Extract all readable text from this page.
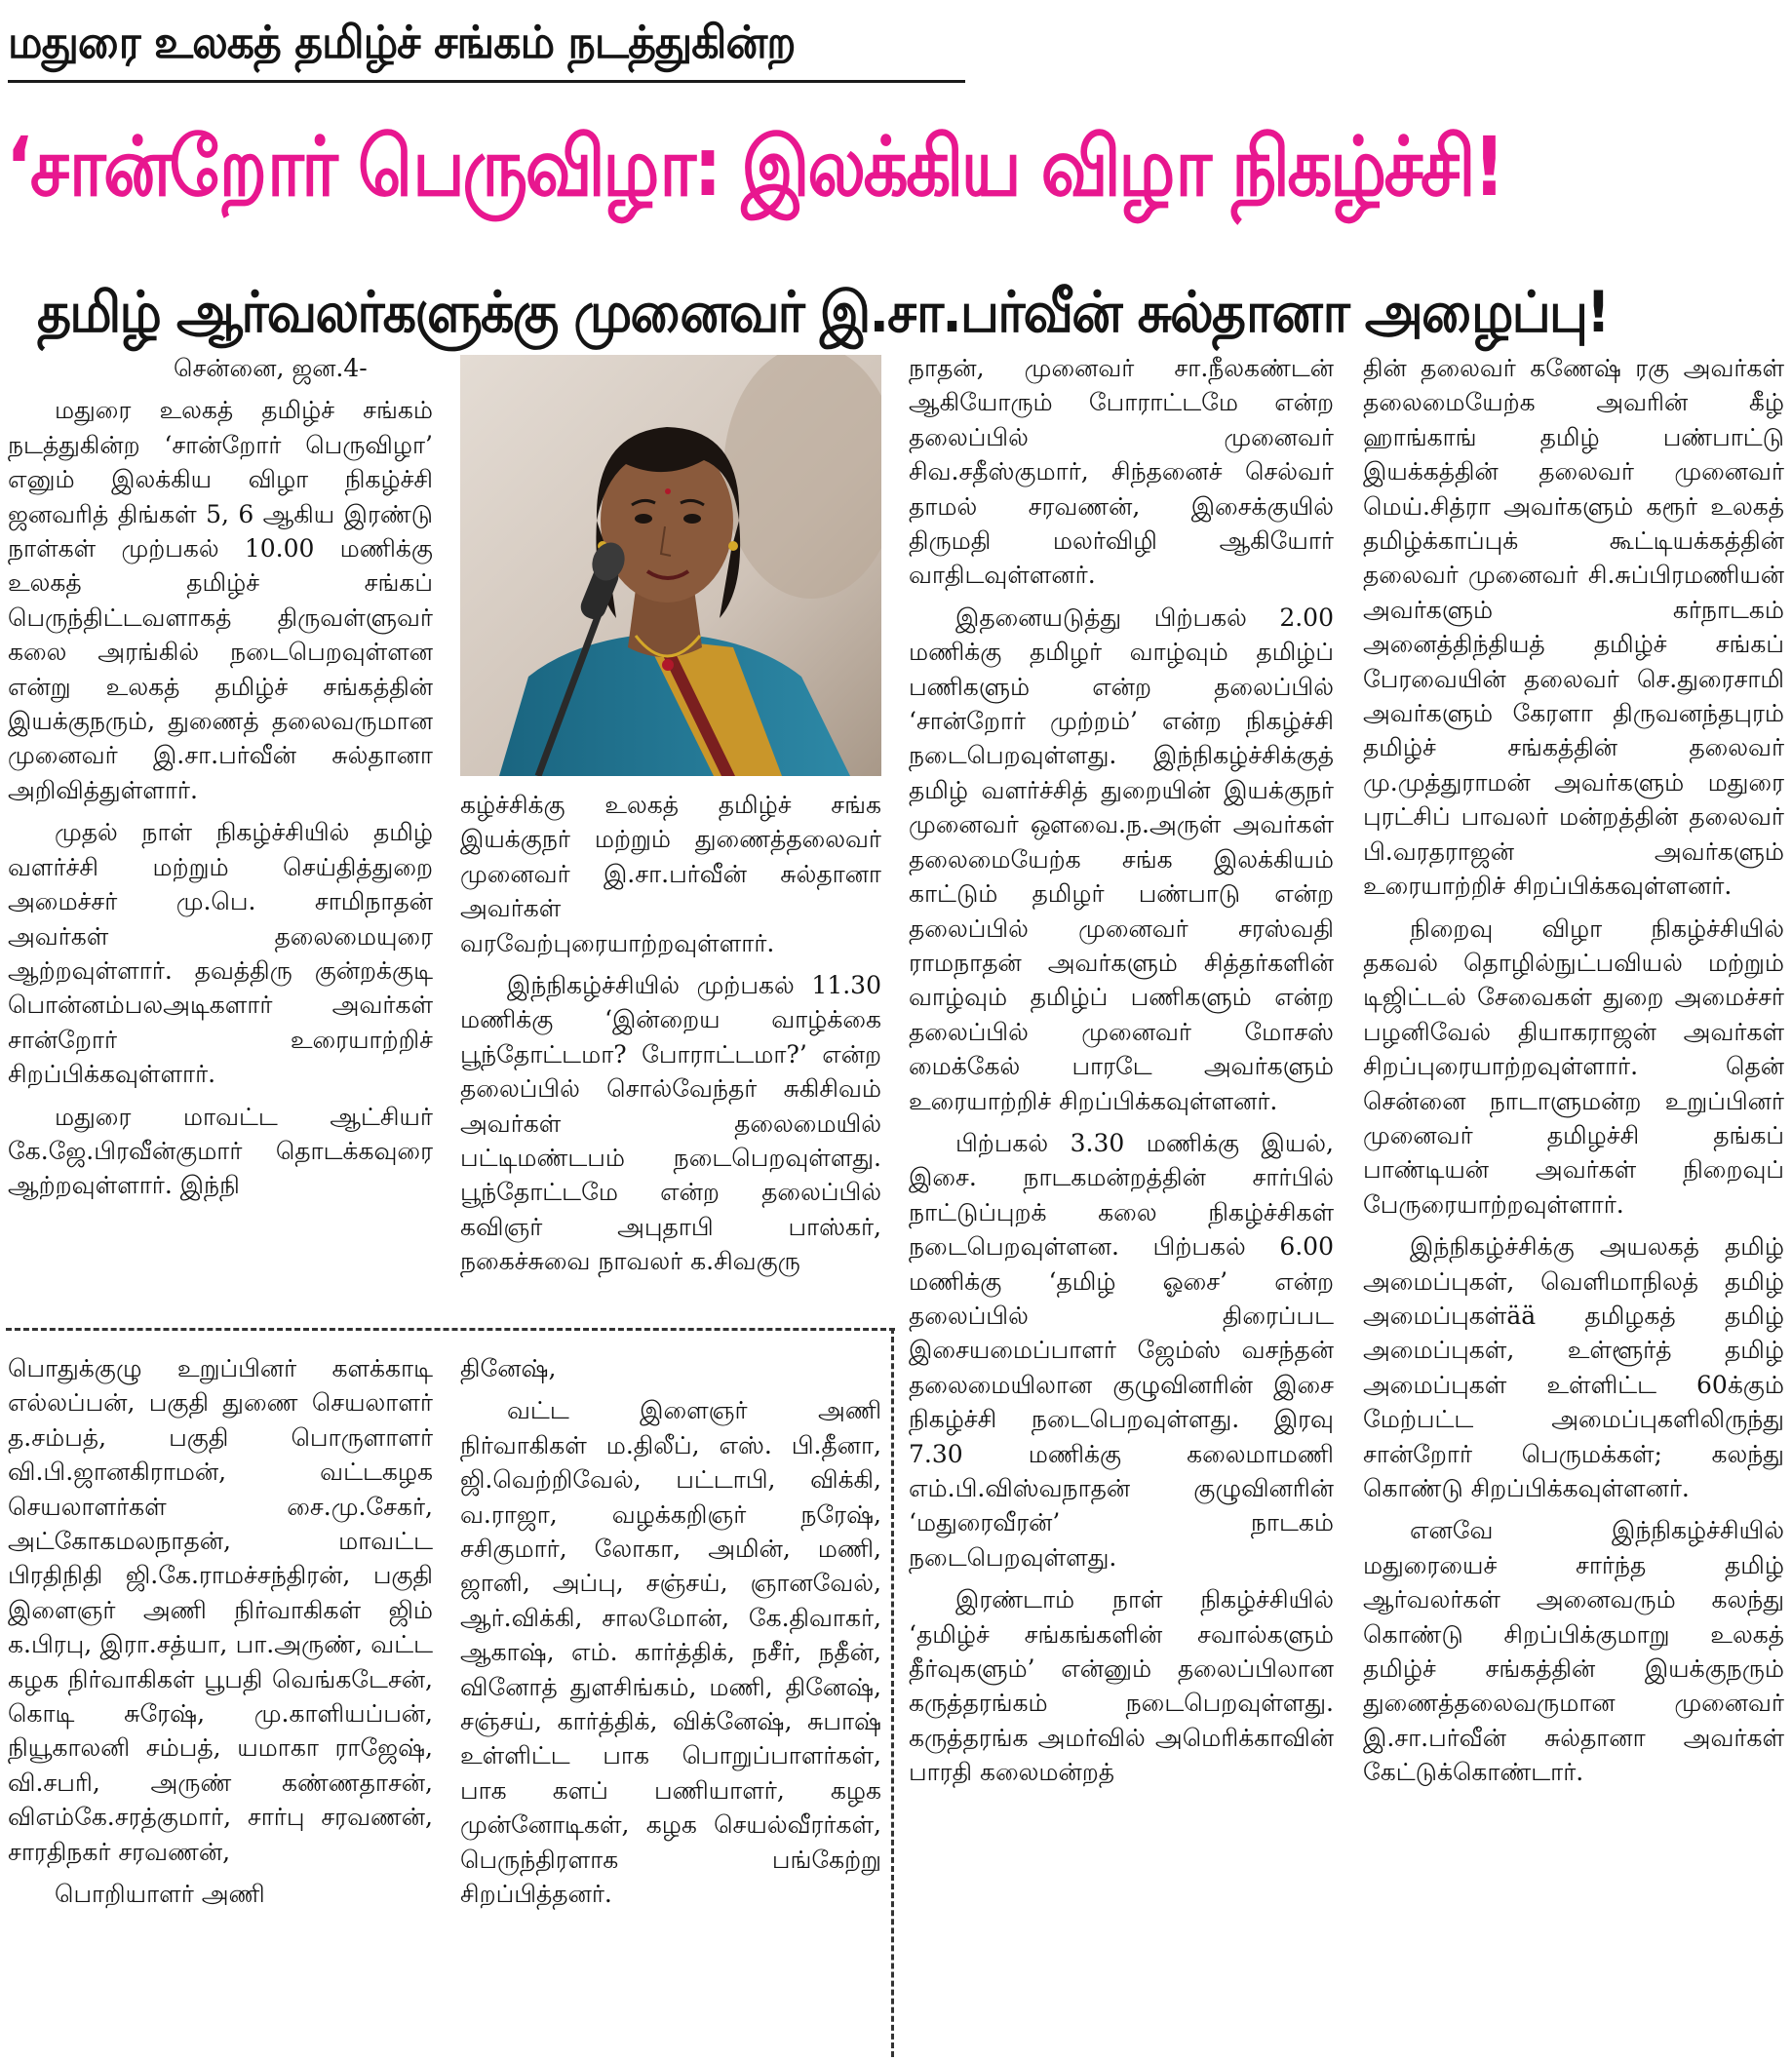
மதுரை உலகத் தமிழ்ச் சங்கம் நடத்துகின்ற
‘சான்றோர் பெருவிழா: இலக்கிய விழா நிகழ்ச்சி!
தமிழ் ஆர்வலர்களுக்கு முனைவர் இ.சா.பர்வீன் சுல்தானா அழைப்பு!

சென்னை, ஜன.4-

மதுரை உலகத் தமிழ்ச் சங்கம் நடத்துகின்ற ‘சான்றோர் பெருவிழா’ எனும் இலக்கிய விழா நிகழ்ச்சி ஜனவரித் திங்கள் 5, 6 ஆகிய இரண்டு நாள்கள் முற்பகல் 10.00 மணிக்கு உலகத் தமிழ்ச் சங்கப் பெருந்திட்டவளாகத் திருவள்ளுவர் கலை அரங்கில் நடைபெறவுள்ளன என்று உலகத் தமிழ்ச் சங்கத்தின் இயக்குநரும், துணைத் தலைவருமான முனைவர் இ.சா.பர்வீன் சுல்தானா அறிவித்துள்ளார்.

முதல் நாள் நிகழ்ச்சியில் தமிழ் வளர்ச்சி மற்றும் செய்தித்துறை அமைச்சர் மு.பெ. சாமிநாதன் அவர்கள் தலைமையுரை ஆற்றவுள்ளார். தவத்திரு குன்றக்குடி பொன்னம்பலஅடிகளார் அவர்கள் சான்றோர் உரையாற்றிச் சிறப்பிக்கவுள்ளார்.

மதுரை மாவட்ட ஆட்சியர் கே.ஜே.பிரவீன்குமார் தொடக்கவுரை ஆற்றவுள்ளார். இந்நி

கழ்ச்சிக்கு உலகத் தமிழ்ச் சங்க இயக்குநர் மற்றும் துணைத்தலைவர் முனைவர் இ.சா.பர்வீன் சுல்தானா அவர்கள் வரவேற்புரையாற்றவுள்ளார்.

இந்நிகழ்ச்சியில் முற்பகல் 11.30 மணிக்கு ‘இன்றைய வாழ்க்கை பூந்தோட்டமா? போராட்டமா?’ என்ற தலைப்பில் சொல்வேந்தர் சுகிசிவம் அவர்கள் தலைமையில் பட்டிமண்டபம் நடைபெறவுள்ளது. பூந்தோட்டமே என்ற தலைப்பில் கவிஞர் அபுதாபி பாஸ்கர், நகைச்சுவை நாவலர் க.சிவகுரு

நாதன், முனைவர் சா.நீலகண்டன் ஆகியோரும் போராட்டமே என்ற தலைப்பில் முனைவர் சிவ.சதீஸ்குமார், சிந்தனைச் செல்வர் தாமல் சரவணன், இசைக்குயில் திருமதி மலர்விழி ஆகியோர் வாதிடவுள்ளனர்.

இதனையடுத்து பிற்பகல் 2.00 மணிக்கு தமிழர் வாழ்வும் தமிழ்ப் பணிகளும் என்ற தலைப்பில் ‘சான்றோர் முற்றம்’ என்ற நிகழ்ச்சி நடைபெறவுள்ளது. இந்நிகழ்ச்சிக்குத் தமிழ் வளர்ச்சித் துறையின் இயக்குநர் முனைவர் ஔவை.ந.அருள் அவர்கள் தலைமையேற்க சங்க இலக்கியம் காட்டும் தமிழர் பண்பாடு என்ற தலைப்பில் முனைவர் சரஸ்வதி ராமநாதன் அவர்களும் சித்தர்களின் வாழ்வும் தமிழ்ப் பணிகளும் என்ற தலைப்பில் முனைவர் மோசஸ் மைக்கேல் பாரடே அவர்களும் உரையாற்றிச் சிறப்பிக்கவுள்ளனர்.

பிற்பகல் 3.30 மணிக்கு இயல், இசை. நாடகமன்றத்தின் சார்பில் நாட்டுப்புறக் கலை நிகழ்ச்சிகள் நடைபெறவுள்ளன. பிற்பகல் 6.00 மணிக்கு ‘தமிழ் ஓசை’ என்ற தலைப்பில் திரைப்பட இசையமைப்பாளர் ஜேம்ஸ் வசந்தன் தலைமையிலான குழுவினரின் இசை நிகழ்ச்சி நடைபெறவுள்ளது. இரவு 7.30 மணிக்கு கலைமாமணி எம்.பி.விஸ்வநாதன் குழுவினரின் ‘மதுரைவீரன்’ நாடகம் நடைபெறவுள்ளது.

இரண்டாம் நாள் நிகழ்ச்சியில் ‘தமிழ்ச் சங்கங்களின் சவால்களும் தீர்வுகளும்’ என்னும் தலைப்பிலான கருத்தரங்கம் நடைபெறவுள்ளது. கருத்தரங்க அமர்வில் அமெரிக்காவின் பாரதி கலைமன்றத்

தின் தலைவர் கணேஷ் ரகு அவர்கள் தலைமையேற்க அவரின் கீழ் ஹாங்காங் தமிழ் பண்பாட்டு இயக்கத்தின் தலைவர் முனைவர் மெய்.சித்ரா அவர்களும் கரூர் உலகத் தமிழ்க்காப்புக் கூட்டியக்கத்தின் தலைவர் முனைவர் சி.சுப்பிரமணியன் அவர்களும் கர்நாடகம் அனைத்திந்தியத் தமிழ்ச் சங்கப் பேரவையின் தலைவர் செ.துரைசாமி அவர்களும் கேரளா திருவனந்தபுரம் தமிழ்ச் சங்கத்தின் தலைவர் மு.முத்துராமன் அவர்களும் மதுரை புரட்சிப் பாவலர் மன்றத்தின் தலைவர் பி.வரதராஜன் அவர்களும் உரையாற்றிச் சிறப்பிக்கவுள்ளனர்.

நிறைவு விழா நிகழ்ச்சியில் தகவல் தொழில்நுட்பவியல் மற்றும் டிஜிட்டல் சேவைகள் துறை அமைச்சர் பழனிவேல் தியாகராஜன் அவர்கள் சிறப்புரையாற்றவுள்ளார். தென் சென்னை நாடாளுமன்ற உறுப்பினர் முனைவர் தமிழச்சி தங்கப் பாண்டியன் அவர்கள் நிறைவுப் பேருரையாற்றவுள்ளார்.

இந்நிகழ்ச்சிக்கு அயலகத் தமிழ் அமைப்புகள், வெளிமாநிலத் தமிழ் அமைப்புகள்ää தமிழகத் தமிழ் அமைப்புகள், உள்ளூர்த் தமிழ் அமைப்புகள் உள்ளிட்ட 60க்கும் மேற்பட்ட அமைப்புகளிலிருந்து சான்றோர் பெருமக்கள்; கலந்து கொண்டு சிறப்பிக்கவுள்ளனர்.

எனவே இந்நிகழ்ச்சியில் மதுரையைச் சார்ந்த தமிழ் ஆர்வலர்கள் அனைவரும் கலந்து கொண்டு சிறப்பிக்குமாறு உலகத் தமிழ்ச் சங்கத்தின் இயக்குநரும் துணைத்தலைவருமான முனைவர் இ.சா.பர்வீன் சுல்தானா அவர்கள் கேட்டுக்கொண்டார்.

பொதுக்குழு உறுப்பினர் களக்காடி எல்லப்பன், பகுதி துணை செயலாளர் த.சம்பத், பகுதி பொருளாளர் வி.பி.ஜானகிராமன், வட்டகழக செயலாளர்கள் சை.மு.சேகர், அட்கோகமலநாதன், மாவட்ட பிரதிநிதி ஜி.கே.ராமச்சந்திரன், பகுதி இளைஞர் அணி நிர்வாகிகள் ஜிம் க.பிரபு, இரா.சத்யா, பா.அருண், வட்ட கழக நிர்வாகிகள் பூபதி வெங்கடேசன், கொடி சுரேஷ், மு.காளியப்பன், நியூகாலனி சம்பத், யமாகா ராஜேஷ், வி.சபரி, அருண் கண்ணதாசன், விஎம்கே.சரத்குமார், சார்பு சரவணன், சாரதிநகர் சரவணன்,

பொறியாளர் அணி

தினேஷ்,

வட்ட இளைஞர் அணி நிர்வாகிகள் ம.திலீப், எஸ். பி.தீனா, ஜி.வெற்றிவேல், பட்டாபி, விக்கி, வ.ராஜா, வழக்கறிஞர் நரேஷ், சசிகுமார், லோகா, அமின், மணி, ஜானி, அப்பு, சஞ்சய், ஞானவேல், ஆர்.விக்கி, சாலமோன், கே.திவாகர், ஆகாஷ், எம். கார்த்திக், நசீர், நதீன், வினோத் துளசிங்கம், மணி, தினேஷ், சஞ்சய், கார்த்திக், விக்னேஷ், சுபாஷ் உள்ளிட்ட பாக பொறுப்பாளர்கள், பாக களப் பணியாளர், கழக முன்னோடிகள், கழக செயல்வீரர்கள், பெருந்திரளாக பங்கேற்று சிறப்பித்தனர்.
